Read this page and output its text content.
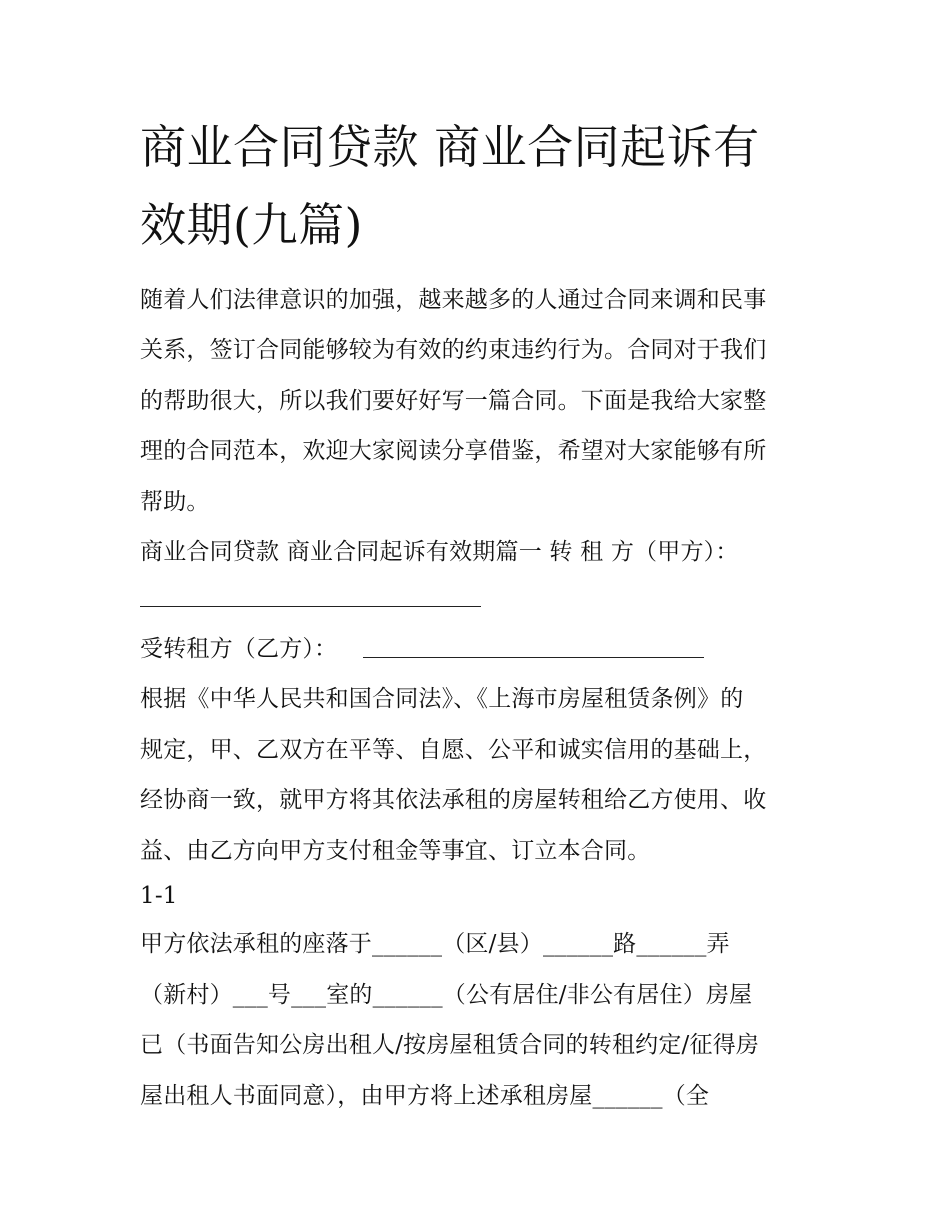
商业合同贷款 商业合同起诉有
效期(九篇)
随着人们法律意识的加强，越来越多的人通过合同来调和民事
关系，签订合同能够较为有效的约束违约行为。合同对于我们
的帮助很大，所以我们要好好写一篇合同。下面是我给大家整
理的合同范本，欢迎大家阅读分享借鉴，希望对大家能够有所
帮助。
商业合同贷款 商业合同起诉有效期篇一 转 租 方（甲方）：
受转租方（乙方）：
根据《中华人民共和国合同法》、《上海市房屋租赁条例》的
规定，甲、乙双方在平等、自愿、公平和诚实信用的基础上，
经协商一致，就甲方将其依法承租的房屋转租给乙方使用、收
益、由乙方向甲方支付租金等事宜、订立本合同。
1-1
甲方依法承租的座落于______（区/县）______路______弄
（新村）___号___室的______（公有居住/非公有居住）房屋
已（书面告知公房出租人/按房屋租赁合同的转租约定/征得房
屋出租人书面同意），由甲方将上述承租房屋______（全
